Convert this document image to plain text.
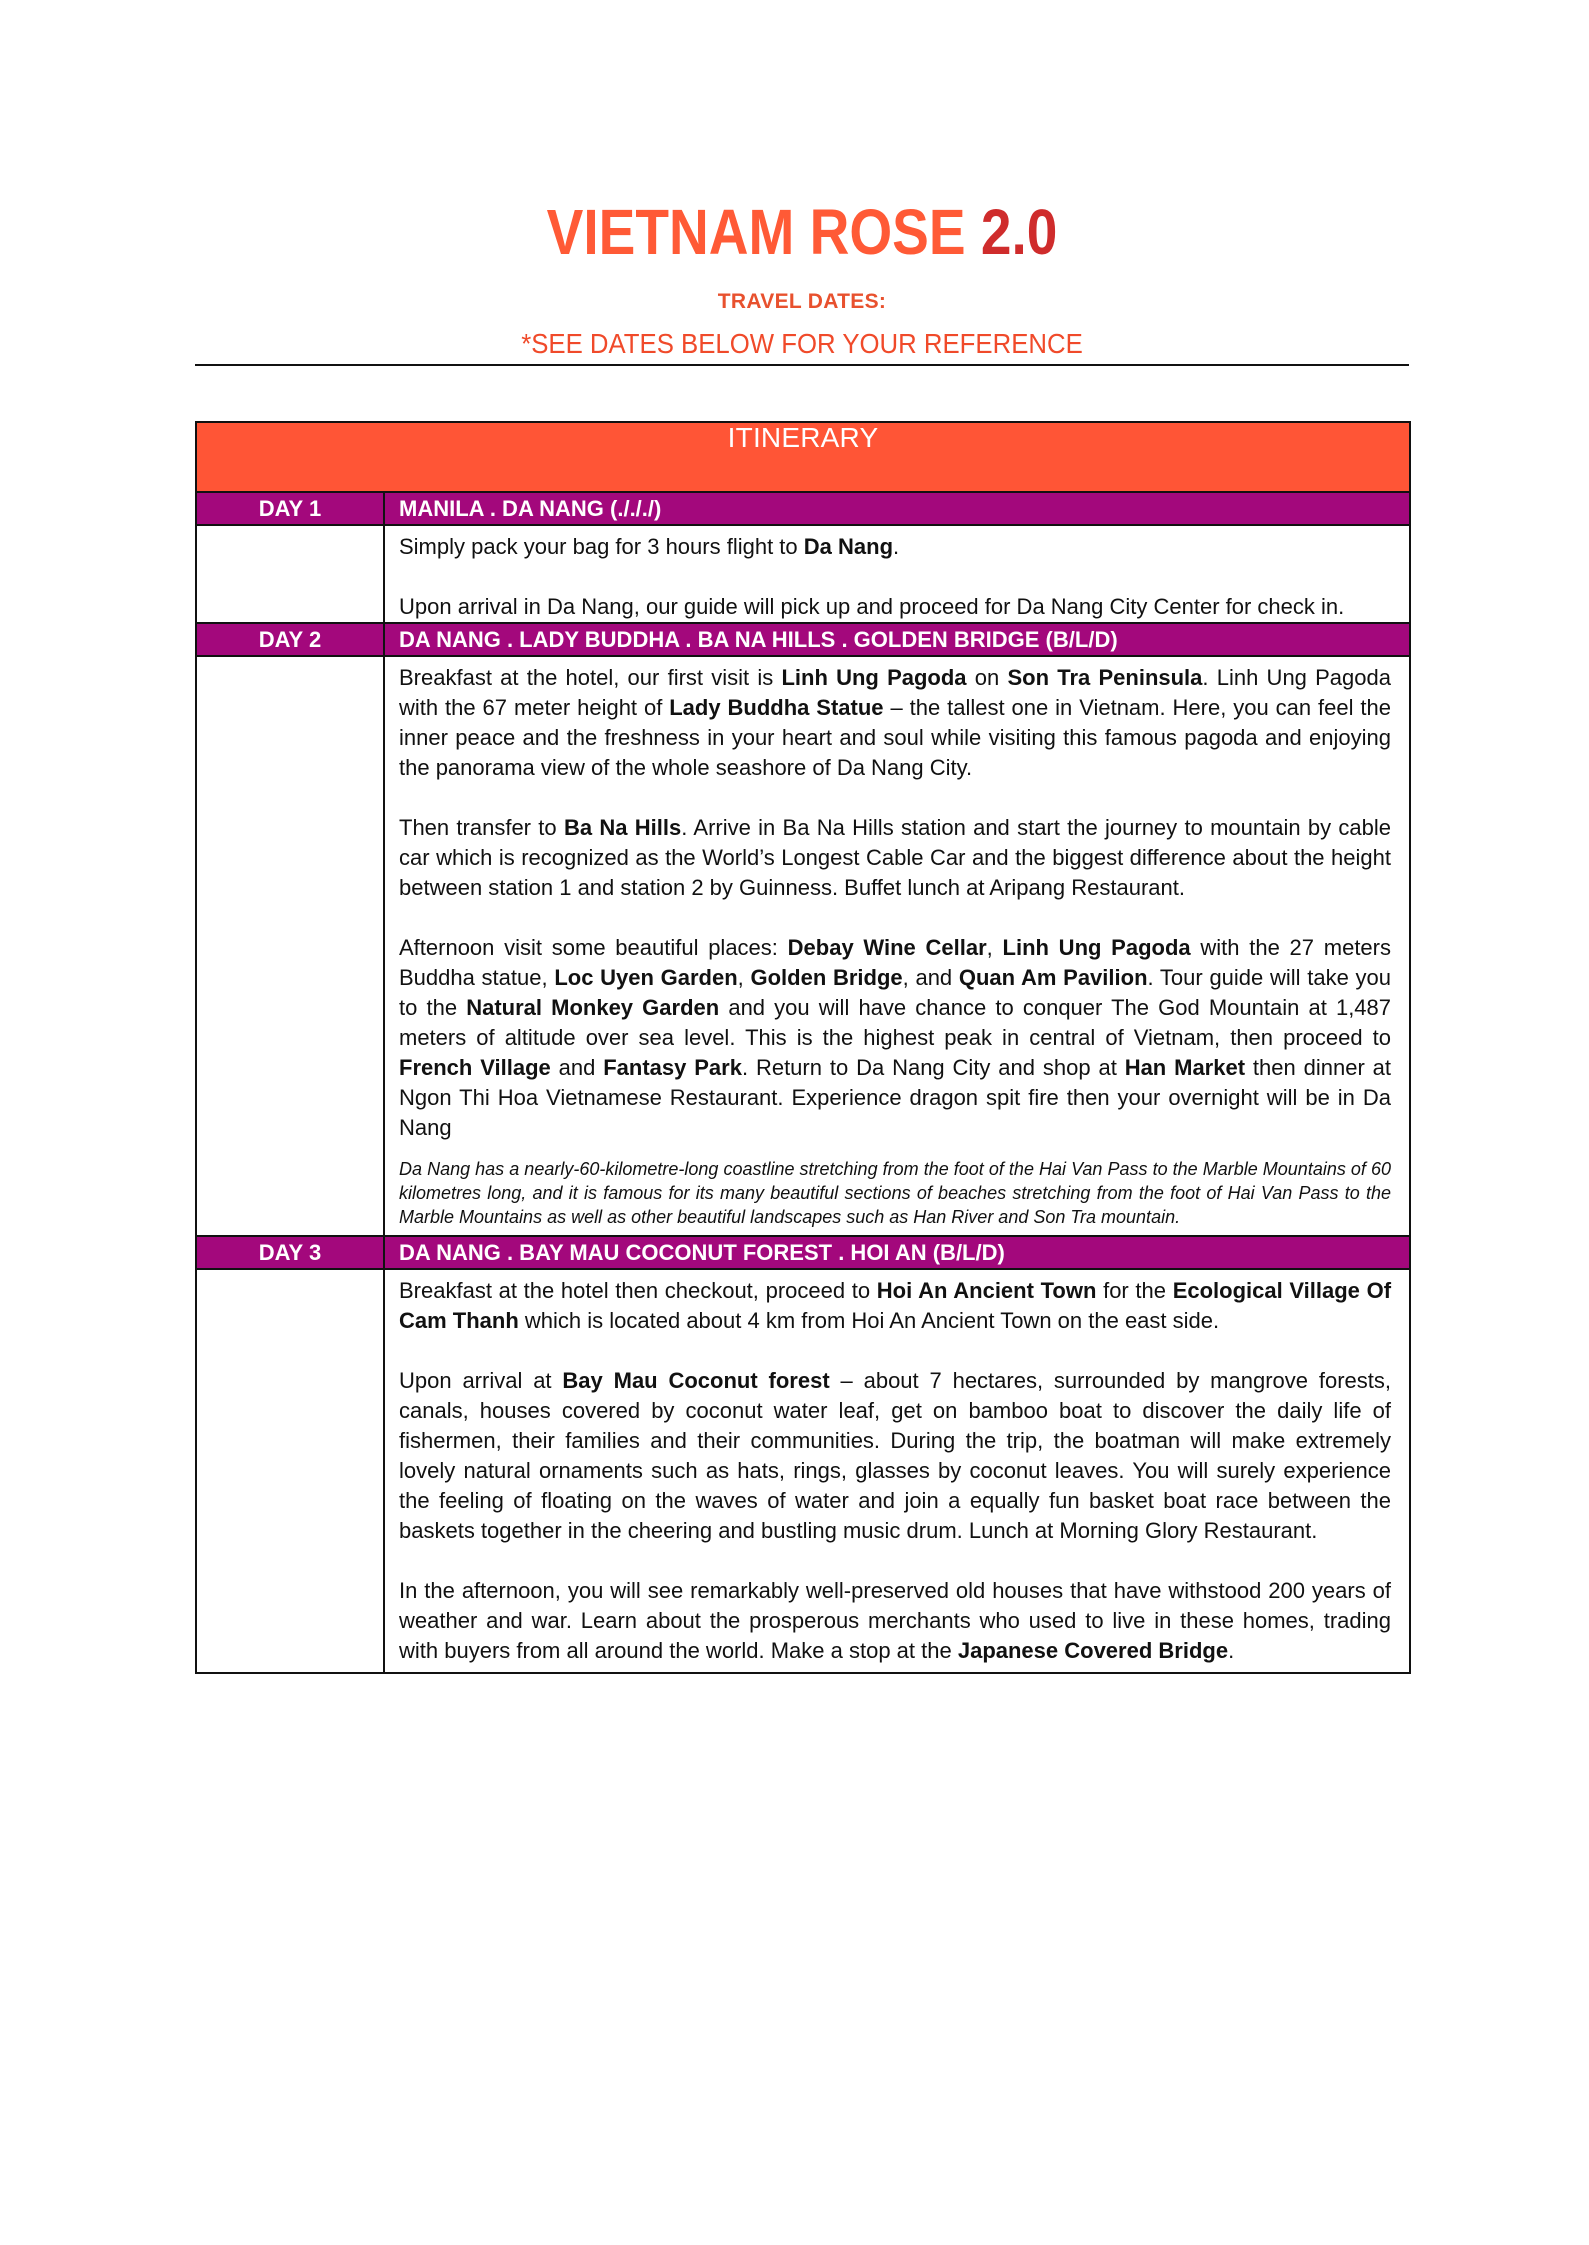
VIETNAM ROSE 2.0
TRAVEL DATES:
*SEE DATES BELOW FOR YOUR REFERENCE
ITINERARY	
DAY 1	MANILA . DA NANG (./././)

	Simply pack your bag for 3 hours flight to Da Nang.

Upon arrival in Da Nang, our guide will pick up and proceed for Da Nang City Center for check in.

DAY 2	DA NANG . LADY BUDDHA . BA NA HILLS . GOLDEN BRIDGE (B/L/D)

	Breakfast at the hotel, our first visit is Linh Ung Pagoda on Son Tra Peninsula. Linh Ung Pagoda with the 67 meter height of Lady Buddha Statue – the tallest one in Vietnam. Here, you can feel the inner peace and the freshness in your heart and soul while visiting this famous pagoda and enjoying the panorama view of the whole seashore of Da Nang City.

Then transfer to Ba Na Hills. Arrive in Ba Na Hills station and start the journey to mountain by cable car which is recognized as the World’s Longest Cable Car and the biggest difference about the height between station 1 and station 2 by Guinness. Buffet lunch at Aripang Restaurant.

Afternoon visit some beautiful places: Debay Wine Cellar, Linh Ung Pagoda with the 27 meters Buddha statue, Loc Uyen Garden, Golden Bridge, and Quan Am Pavilion. Tour guide will take you to the Natural Monkey Garden and you will have chance to conquer The God Mountain at 1,487 meters of altitude over sea level. This is the highest peak in central of Vietnam, then proceed to French Village and Fantasy Park. Return to Da Nang City and shop at Han Market then dinner at Ngon Thi Hoa Vietnamese Restaurant. Experience dragon spit fire then your overnight will be in Da Nang

Da Nang has a nearly-60-kilometre-long coastline stretching from the foot of the Hai Van Pass to the Marble Mountains of 60 kilometres long, and it is famous for its many beautiful sections of beaches stretching from the foot of Hai Van Pass to the Marble Mountains as well as other beautiful landscapes such as Han River and Son Tra mountain.

DAY 3	DA NANG . BAY MAU COCONUT FOREST . HOI AN (B/L/D)

	Breakfast at the hotel then checkout, proceed to Hoi An Ancient Town for the Ecological Village Of Cam Thanh which is located about 4 km from Hoi An Ancient Town on the east side.

Upon arrival at Bay Mau Coconut forest – about 7 hectares, surrounded by mangrove forests, canals, houses covered by coconut water leaf, get on bamboo boat to discover the daily life of fishermen, their families and their communities. During the trip, the boatman will make extremely lovely natural ornaments such as hats, rings, glasses by coconut leaves. You will surely experience the feeling of floating on the waves of water and join a equally fun basket boat race between the baskets together in the cheering and bustling music drum. Lunch at Morning Glory Restaurant.

In the afternoon, you will see remarkably well-preserved old houses that have withstood 200 years of weather and war. Learn about the prosperous merchants who used to live in these homes, trading with buyers from all around the world. Make a stop at the Japanese Covered Bridge.
